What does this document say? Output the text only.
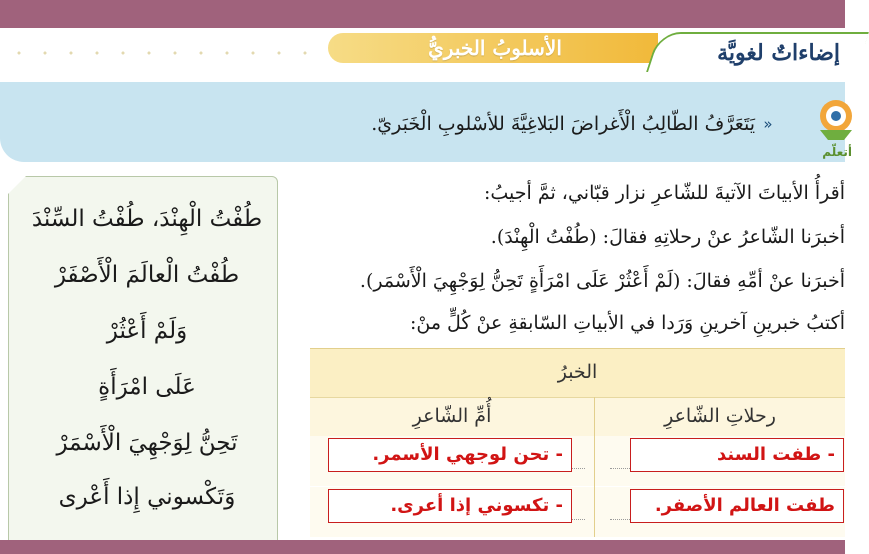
الأسلوبُ الخبريُّ	إضاءاتٌ لغويَّة
أتعلّم
»
يَتَعَرَّفُ الطّالِبُ الْأَغراضَ البَلاغِيَّةَ للأسْلوبِ الْخَبَريّ.
طُفْتُ الْهِنْدَ، طُفْتُ السِّنْدَ
طُفْتُ الْعالَمَ الْأَصْفَرْ
وَلَمْ أَعْثُرْ
عَلَى امْرَأَةٍ
تَحِنُّ لِوَجْهِيَ الْأَسْمَرْ
وَتَكْسوني إِذا أَعْرى
أقرأُ الأبياتَ الآتيةَ للشّاعرِ نزار قبّاني، ثمَّ أجيبُ:
أخبرَنا الشّاعرُ عنْ رحلاتِهِ فقالَ: (طُفْتُ الْهِنْدَ).
أخبرَنا عنْ أمِّهِ فقالَ: (لَمْ أَعْثُرْ عَلَى امْرَأَةٍ تَحِنُّ لِوَجْهِيَ الْأَسْمَر).
أكتبُ خبرينِ آخرينِ وَرَدا في الأبياتِ السّابقةِ عنْ كُلٍّ منْ:
الخبرُ
رحلاتِ الشّاعرِ
أُمِّ الشّاعرِ
- طفت السند
طفت العالم الأصفر.
- تحن لوجهي الأسمر.
- تكسوني إذا أعرى.
